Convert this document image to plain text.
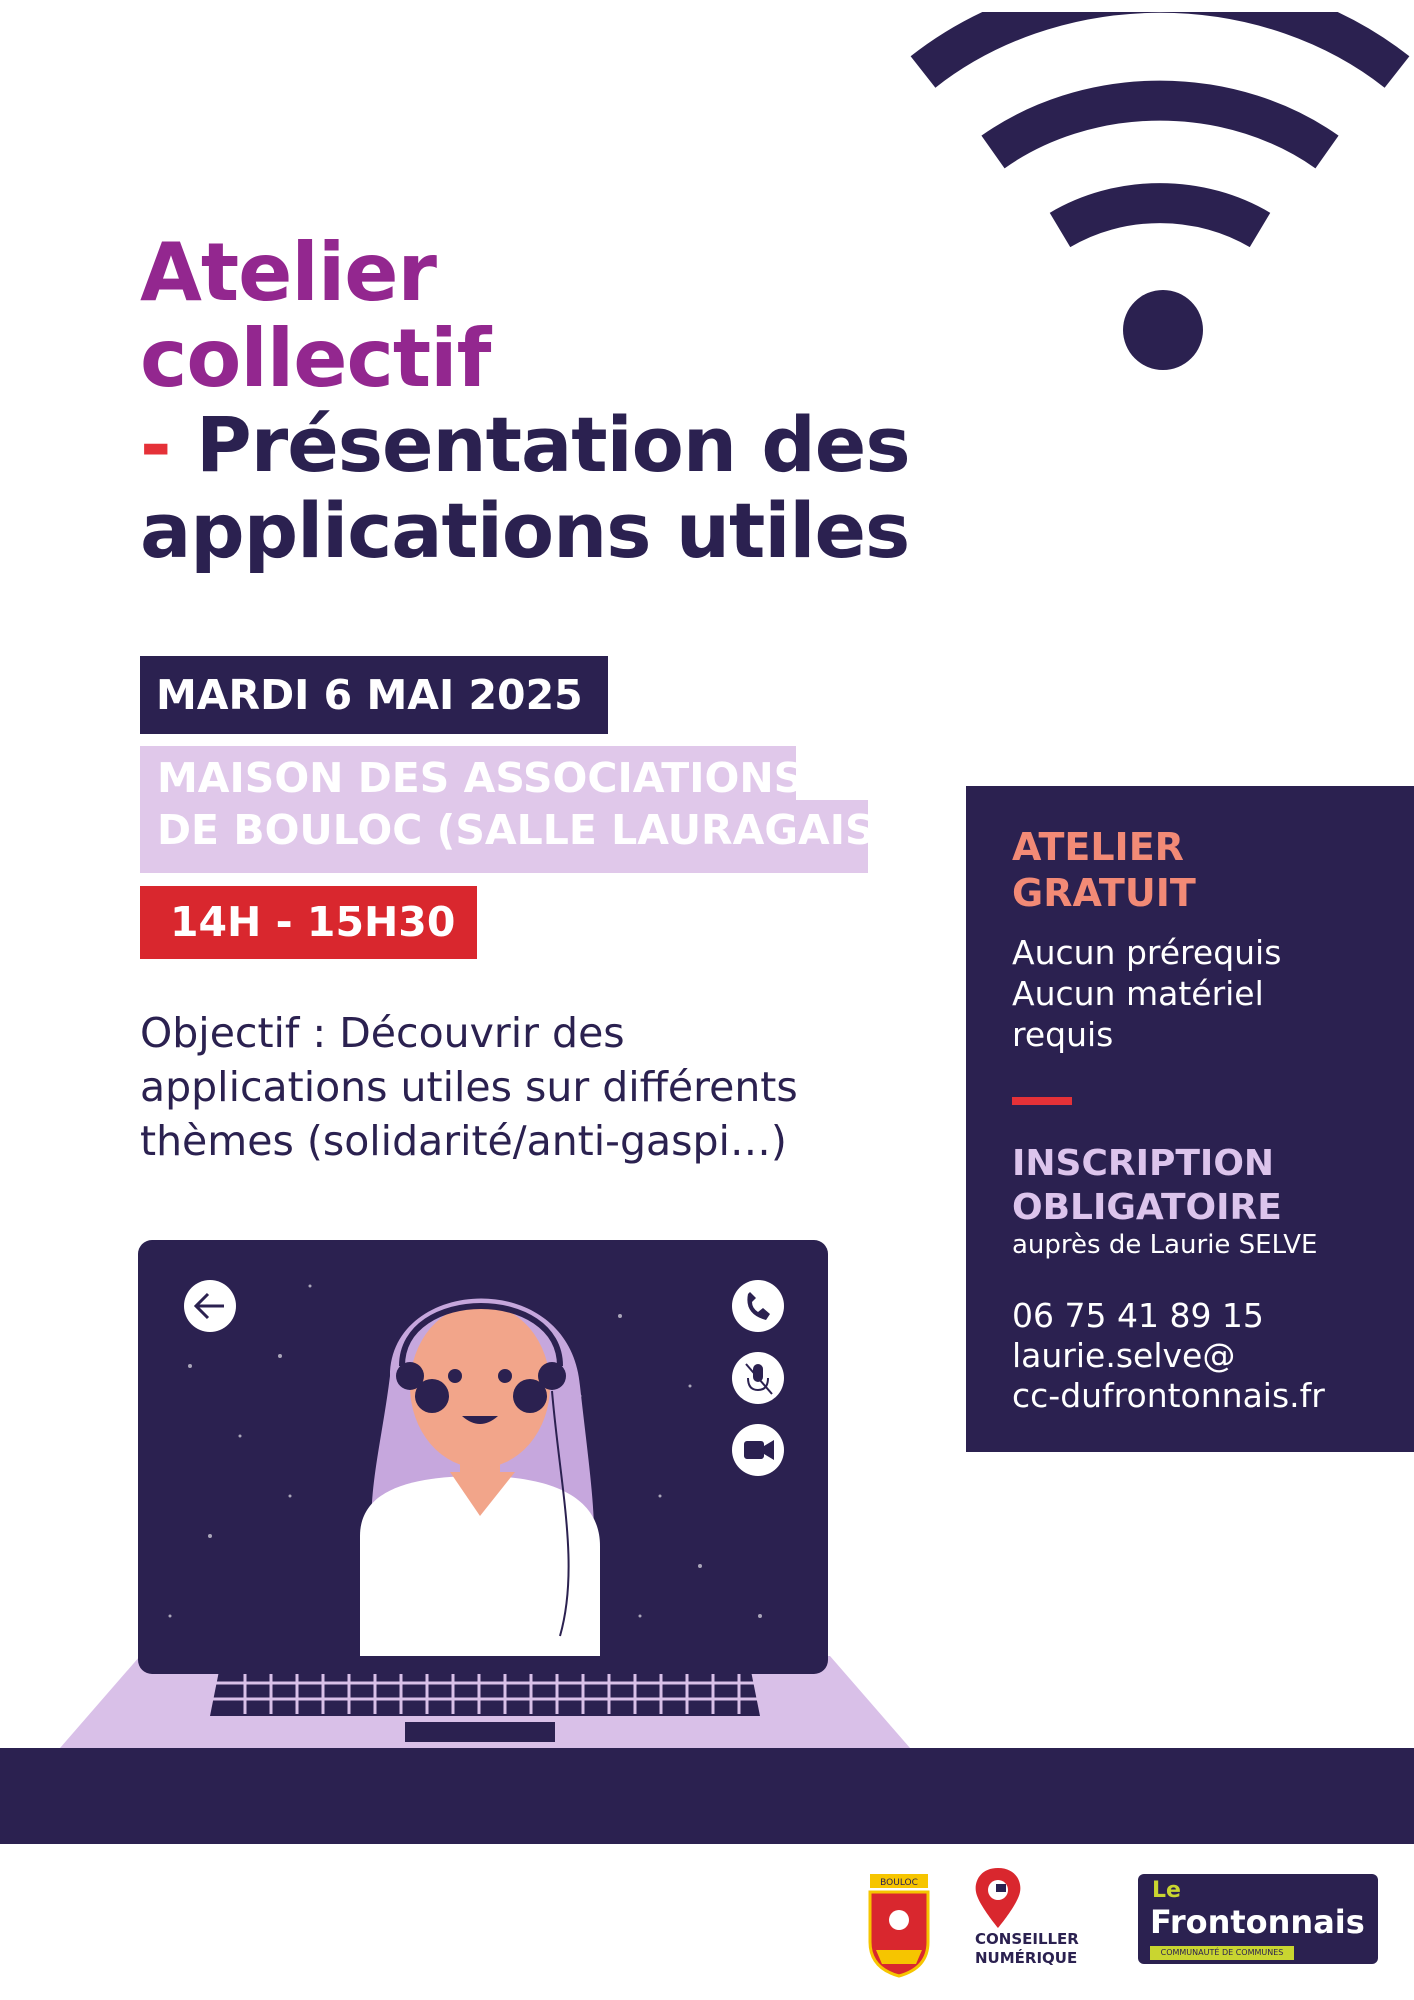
Atelier
collectif
- Présentation des
applications utiles
MARDI 6 MAI 2025
MAISON DES ASSOCIATIONS
DE BOULOC (SALLE LAURAGAIS)
14H - 15H30
Objectif : Découvrir des
applications utiles sur différents
thèmes (solidarité/anti-gaspi…)
ATELIER
GRATUIT
Aucun prérequis
Aucun matériel
requis
INSCRIPTION
OBLIGATOIRE
auprès de Laurie SELVE
06 75 41 89 15
laurie.selve@
cc-dufrontonnais.fr
BOULOC
CONSEILLER
NUMÉRIQUE
Le
Frontonnais
COMMUNAUTÉ DE COMMUNES
